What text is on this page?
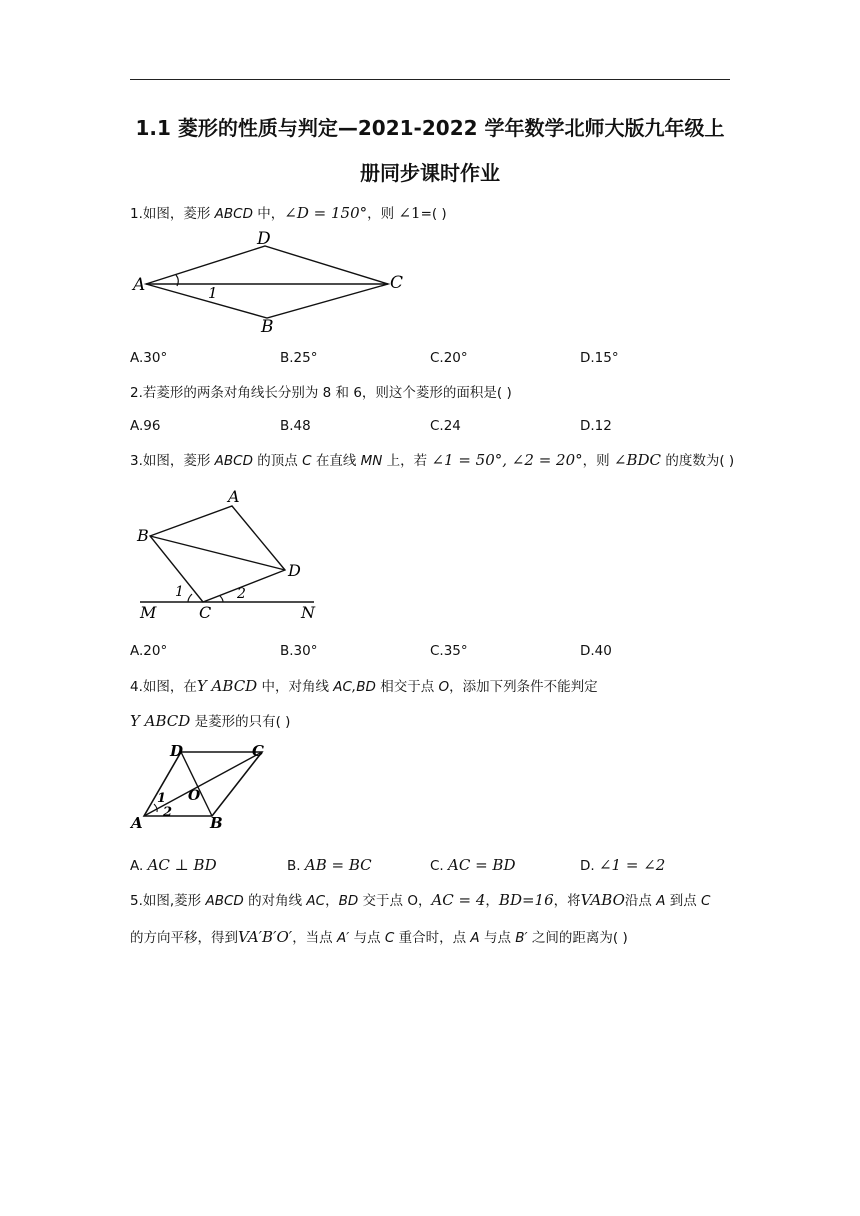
1.1 菱形的性质与判定—2021-2022 学年数学北师大版九年级上
册同步课时作业
1.如图，菱形 ABCD 中，∠D = 150°，则 ∠1=( )
D
A	C
B
1
A.30°	B.25°	C.20°	D.15°
2.若菱形的两条对角线长分别为 8 和 6，则这个菱形的面积是( )
A.96	B.48	C.24	D.12
3.如图，菱形 ABCD 的顶点 C 在直线 MN 上，若 ∠1 = 50°, ∠2 = 20°，则 ∠BDC 的度数为( )
A
B
D
1	2
M	C	N
A.20°	B.30°	C.35°	D.40
4.如图，在Y ABCD 中，对角线 AC,BD 相交于点 O，添加下列条件不能判定
Y ABCD 是菱形的只有( )
D	C
O
1
2
A	B
A. AC ⊥ BD	B. AB = BC	C. AC = BD	D. ∠1 = ∠2
5.如图,菱形 ABCD 的对角线 AC，BD 交于点 O，AC = 4，BD=16，将VABO沿点 A 到点 C
的方向平移，得到VA′B′O′，当点 A′ 与点 C 重合时，点 A 与点 B′ 之间的距离为( )
